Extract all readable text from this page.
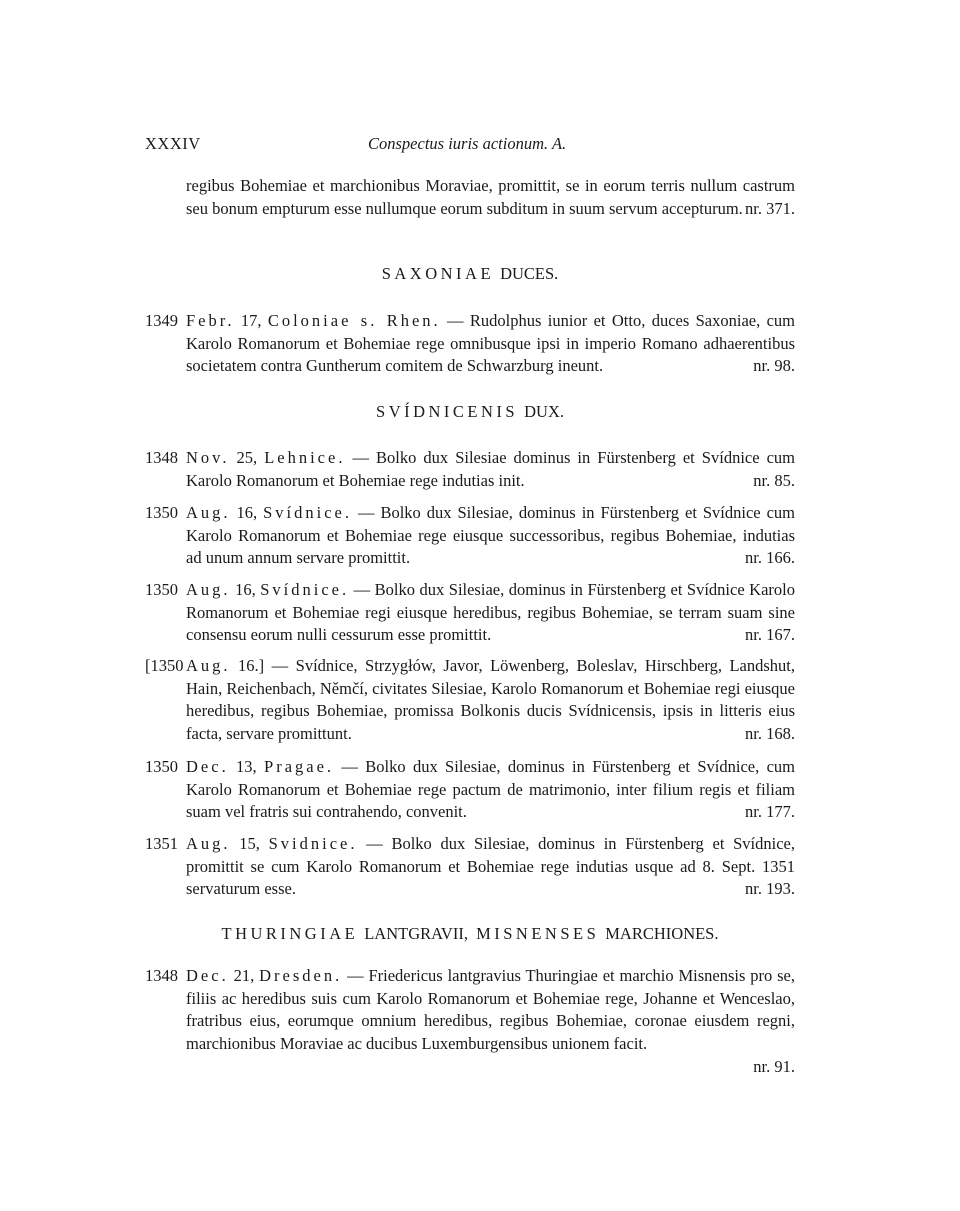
XXXIV	Conspectus iuris actionum. A.
regibus Bohemiae et marchionibus Moraviae, promittit, se in eorum terris nullum castrum seu bonum empturum esse nullumque eorum subditum in suum servum accepturum. nr. 371.
SAXONIAE DUCES.
1349 Febr. 17, Coloniae s. Rhen. — Rudolphus iunior et Otto, duces Saxoniae, cum Karolo Romanorum et Bohemiae rege omnibusque ipsi in imperio Romano adhaerentibus societatem contra Guntherum comitem de Schwarzburg ineunt.	nr. 98.
SVÍDNICENIS DUX.
1348 Nov. 25, Lehnice. — Bolko dux Silesiae dominus in Fürstenberg et Svídnice cum Karolo Romanorum et Bohemiae rege indutias init.	nr. 85.
1350 Aug. 16, Svídnice. — Bolko dux Silesiae, dominus in Fürstenberg et Svídnice cum Karolo Romanorum et Bohemiae rege eiusque successoribus, regibus Bohemiae, indutias ad unum annum servare promittit.	nr. 166.
1350 Aug. 16, Svídnice. — Bolko dux Silesiae, dominus in Fürstenberg et Svídnice Karolo Romanorum et Bohemiae regi eiusque heredibus, regibus Bohemiae, se terram suam sine consensu eorum nulli cessurum esse promittit.	nr. 167.
[1350 Aug. 16.] — Svídnice, Strzygłów, Javor, Löwenberg, Boleslav, Hirschberg, Landshut, Hain, Reichenbach, Němčí, civitates Silesiae, Karolo Romanorum et Bohemiae regi eiusque heredibus, regibus Bohemiae, promissa Bolkonis ducis Svídnicensis, ipsis in litteris eius facta, servare promittunt.	nr. 168.
1350 Dec. 13, Pragae. — Bolko dux Silesiae, dominus in Fürstenberg et Svídnice, cum Karolo Romanorum et Bohemiae rege pactum de matrimonio, inter filium regis et filiam suam vel fratris sui contrahendo, convenit.	nr. 177.
1351 Aug. 15, Svidnice. — Bolko dux Silesiae, dominus in Fürstenberg et Svídnice, promittit se cum Karolo Romanorum et Bohemiae rege indutias usque ad 8. Sept. 1351 servaturum esse.	nr. 193.
THURINGIAE LANTGRAVII, MISNENSES MARCHIONES.
1348 Dec. 21, Dresden. — Friedericus lantgravius Thuringiae et marchio Misnensis pro se, filiis ac heredibus suis cum Karolo Romanorum et Bohemiae rege, Johanne et Wenceslao, fratribus eius, eorumque omnium heredibus, regibus Bohemiae, coronae eiusdem regni, marchionibus Moraviae ac ducibus Luxemburgensibus unionem facit.
nr. 91.
